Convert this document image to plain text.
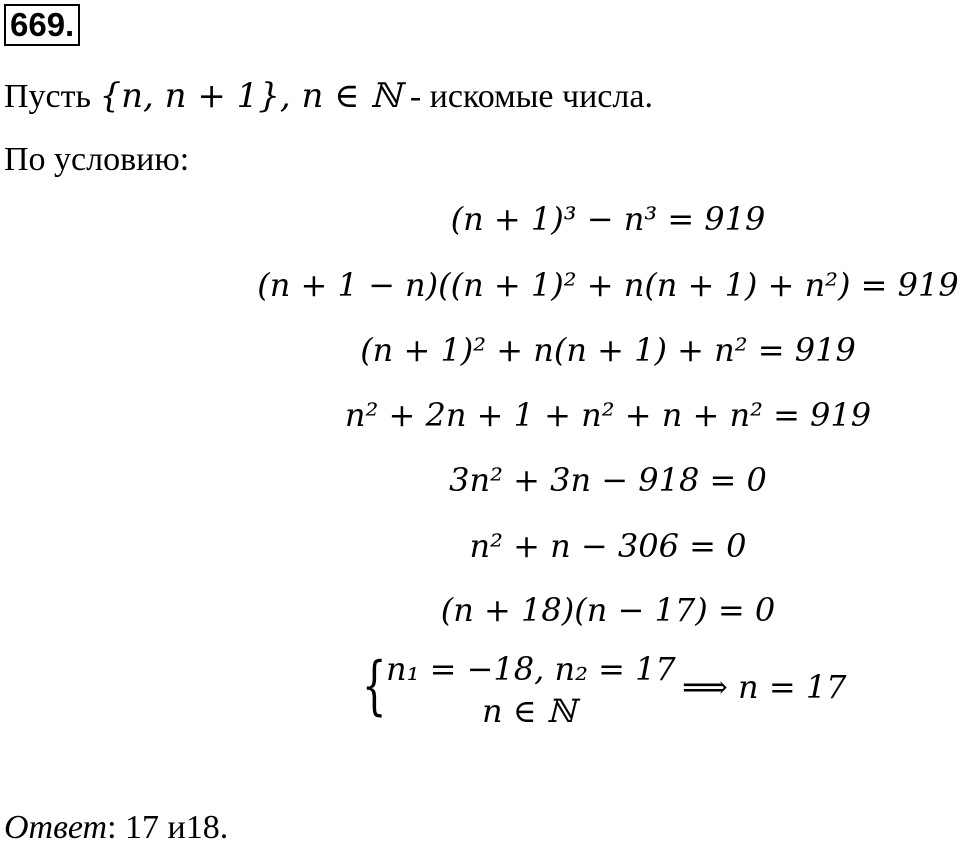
669.
Пусть {n, n + 1}, n ∈ ℕ - искомые числа.
По условию:
(n + 1)³ − n³ = 919
(n + 1 − n)((n + 1)² + n(n + 1) + n²) = 919
(n + 1)² + n(n + 1) + n² = 919
n² + 2n + 1 + n² + n + n² = 919
3n² + 3n − 918 = 0
n² + n − 306 = 0
(n + 18)(n − 17) = 0
{ n₁ = −18, n₂ = 17
n ∈ ℕ
⟹ n = 17
Ответ: 17 и18.
